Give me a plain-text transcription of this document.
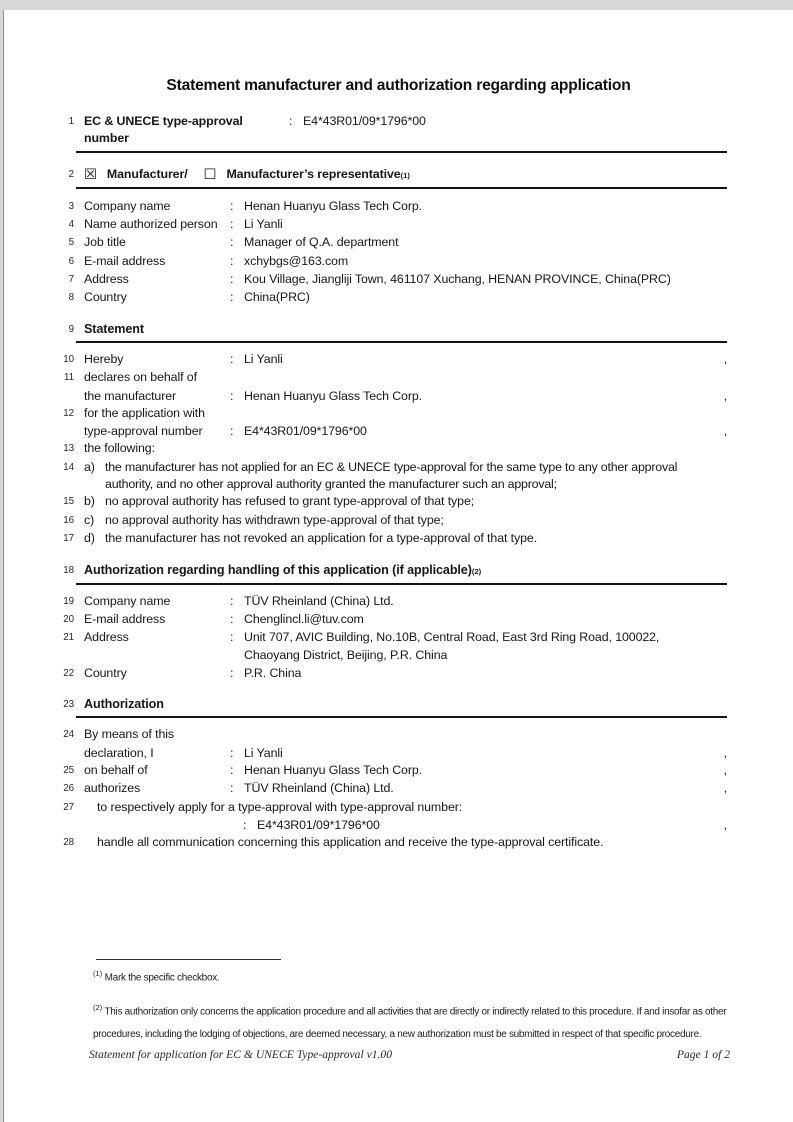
Statement manufacturer and authorization regarding application
1 EC & UNECE type-approval number
: E4*43R01/09*1796*00
2 ☒ Manufacturer/ ☐ Manufacturer’s representative (1)
3 Company name	: Henan Huanyu Glass Tech Corp.
4 Name authorized person	: Li Yanli
5 Job title	: Manager of Q.A. department
6 E-mail address	: xchybgs@163.com
7 Address	: Kou Village, Jiangliji Town, 461107 Xuchang, HENAN PROVINCE, China(PRC)
8 Country	: China(PRC)
9 Statement
10 Hereby	: Li Yanli	,
11 declares on behalf of
the manufacturer	: Henan Huanyu Glass Tech Corp.	,
12 for the application with
type-approval number	: E4*43R01/09*1796*00	,
13 the following:
14 a) the manufacturer has not applied for an EC & UNECE type-approval for the same type to any other approval authority, and no other approval authority granted the manufacturer such an approval;
15 b) no approval authority has refused to grant type-approval of that type;
16 c) no approval authority has withdrawn type-approval of that type;
17 d) the manufacturer has not revoked an application for a type-approval of that type.
18 Authorization regarding handling of this application (if applicable) (2)
19 Company name	: TÜV Rheinland (China) Ltd.
20 E-mail address	: Chenglincl.li@tuv.com
21 Address	: Unit 707, AVIC Building, No.10B, Central Road, East 3rd Ring Road, 100022,
Chaoyang District, Beijing, P.R. China
22 Country	: P.R. China
23 Authorization
24 By means of this
declaration, I	: Li Yanli	,
25 on behalf of	: Henan Huanyu Glass Tech Corp.	,
26 authorizes	: TÜV Rheinland (China) Ltd.	,
27 to respectively apply for a type-approval with type-approval number:
: E4*43R01/09*1796*00	,
28 handle all communication concerning this application and receive the type-approval certificate.
$^{(1)}$ Mark the specific checkbox.
$^{(2)}$ This authorization only concerns the application procedure and all activities that are directly or indirectly related to this procedure. If and insofar as other procedures, including the lodging of objections, are deemed necessary, a new authorization must be submitted in respect of that specific procedure.
Statement for application for EC & UNECE Type-approval v1.00	Page 1 of 2
